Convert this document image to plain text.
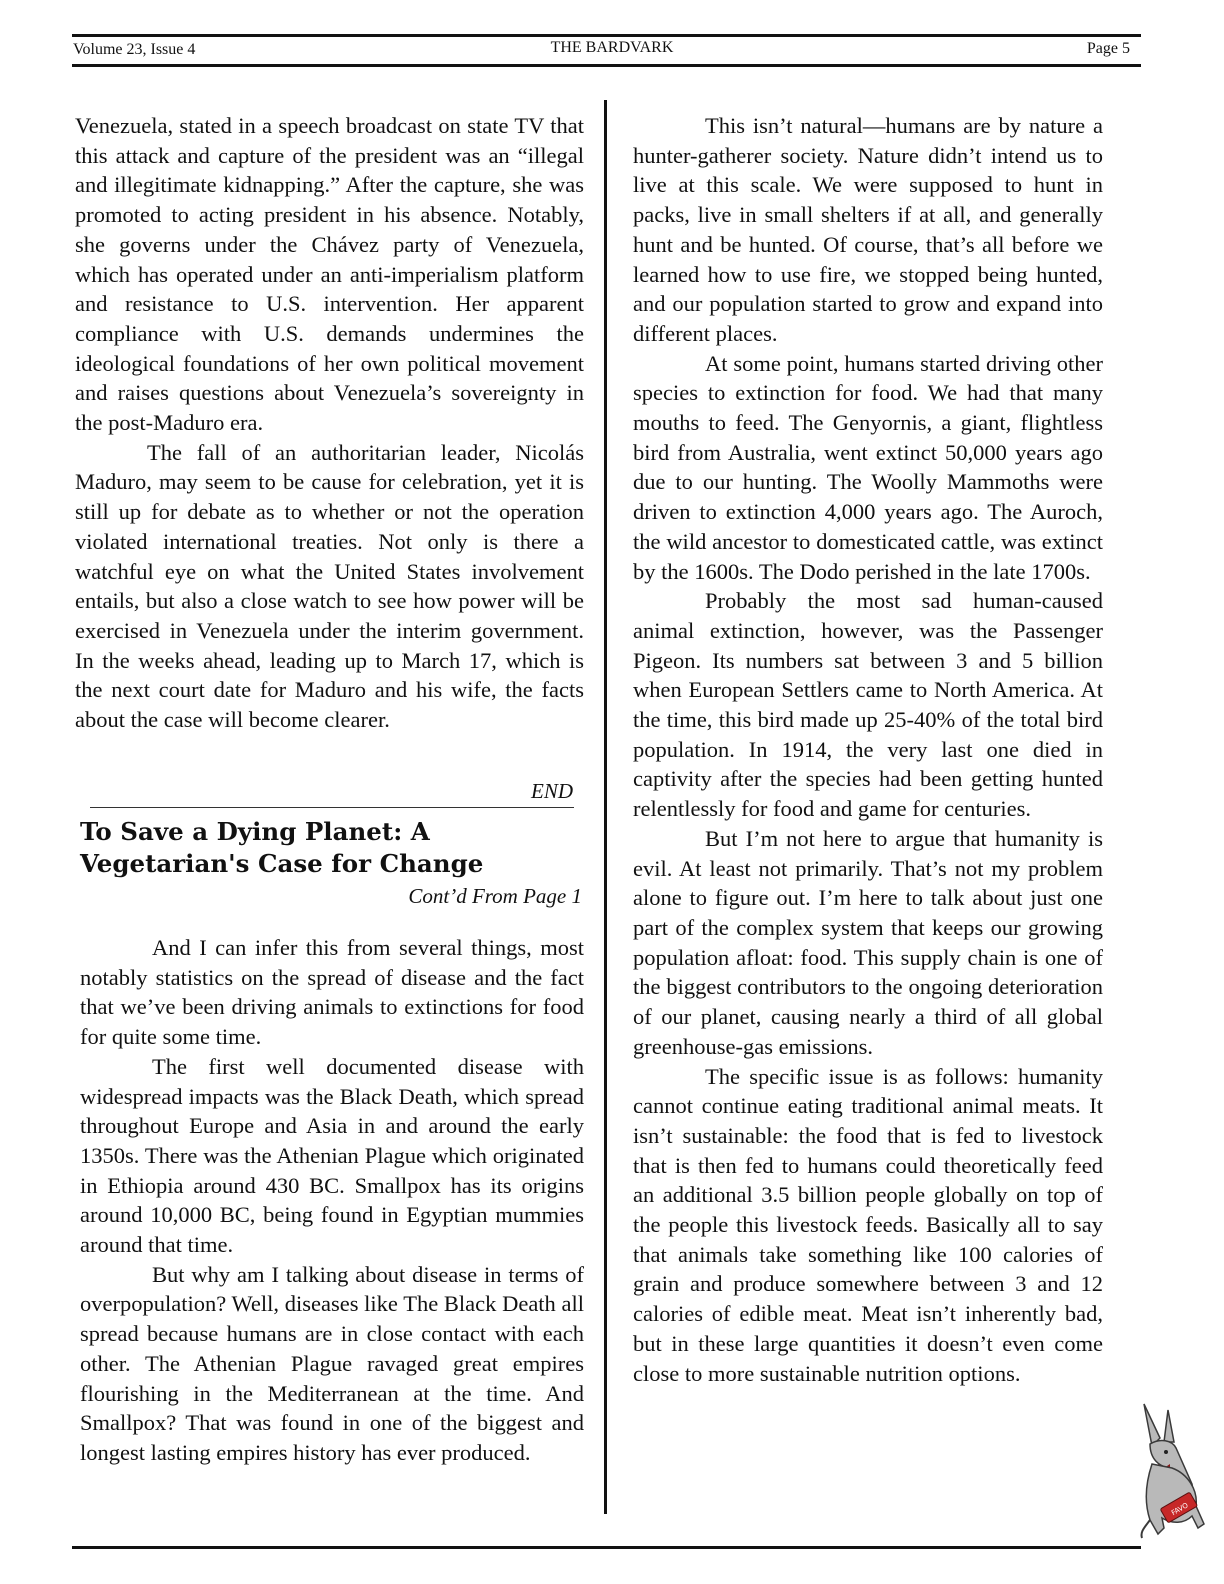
Volume 23, Issue 4	THE BARDVARK	Page 5

Venezuela, stated in a speech broadcast on state TV that this attack and capture of the president was an “illegal and illegitimate kidnapping.” After the capture, she was promoted to acting president in his absence. Notably, she governs under the Chávez party of Venezuela, which has operated under an anti-imperialism platform and resistance to U.S. intervention. Her apparent compliance with U.S. demands undermines the ideological foundations of her own political movement and raises questions about Venezuela’s sovereignty in the post-Maduro era.

The fall of an authoritarian leader, Nicolás Maduro, may seem to be cause for celebration, yet it is still up for debate as to whether or not the operation violated international treaties. Not only is there a watchful eye on what the United States involvement entails, but also a close watch to see how power will be exercised in Venezuela under the interim government. In the weeks ahead, leading up to March 17, which is the next court date for Maduro and his wife, the facts about the case will become clearer.

END
To Save a Dying Planet: A Vegetarian's Case for Change
Cont’d From Page 1

And I can infer this from several things, most notably statistics on the spread of disease and the fact that we’ve been driving animals to extinctions for food for quite some time.

The first well documented disease with widespread impacts was the Black Death, which spread throughout Europe and Asia in and around the early 1350s. There was the Athenian Plague which originated in Ethiopia around 430 BC. Smallpox has its origins around 10,000 BC, being found in Egyptian mummies around that time.

But why am I talking about disease in terms of overpopulation? Well, diseases like The Black Death all spread because humans are in close contact with each other. The Athenian Plague ravaged great empires flourishing in the Mediterranean at the time. And Smallpox? That was found in one of the biggest and longest lasting empires history has ever produced.

This isn’t natural—humans are by nature a hunter-gatherer society. Nature didn’t intend us to live at this scale. We were supposed to hunt in packs, live in small shelters if at all, and generally hunt and be hunted. Of course, that’s all before we learned how to use fire, we stopped being hunted, and our population started to grow and expand into different places.

At some point, humans started driving other species to extinction for food. We had that many mouths to feed. The Genyornis, a giant, flightless bird from Australia, went extinct 50,000 years ago due to our hunting. The Woolly Mammoths were driven to extinction 4,000 years ago. The Auroch, the wild ancestor to domesticated cattle, was extinct by the 1600s. The Dodo perished in the late 1700s.

Probably the most sad human-caused animal extinction, however, was the Passenger Pigeon. Its numbers sat between 3 and 5 billion when European Settlers came to North America. At the time, this bird made up 25-40% of the total bird population. In 1914, the very last one died in captivity after the species had been getting hunted relentlessly for food and game for centuries.

But I’m not here to argue that humanity is evil. At least not primarily. That’s not my problem alone to figure out. I’m here to talk about just one part of the complex system that keeps our growing population afloat: food. This supply chain is one of the biggest contributors to the ongoing deterioration of our planet, causing nearly a third of all global greenhouse-gas emissions.

The specific issue is as follows: humanity cannot continue eating traditional animal meats. It isn’t sustainable: the food that is fed to livestock that is then fed to humans could theoretically feed an additional 3.5 billion people globally on top of the people this livestock feeds. Basically all to say that animals take something like 100 calories of grain and produce somewhere between 3 and 12 calories of edible meat. Meat isn’t inherently bad, but in these large quantities it doesn’t even come close to more sustainable nutrition options.

FAVO
